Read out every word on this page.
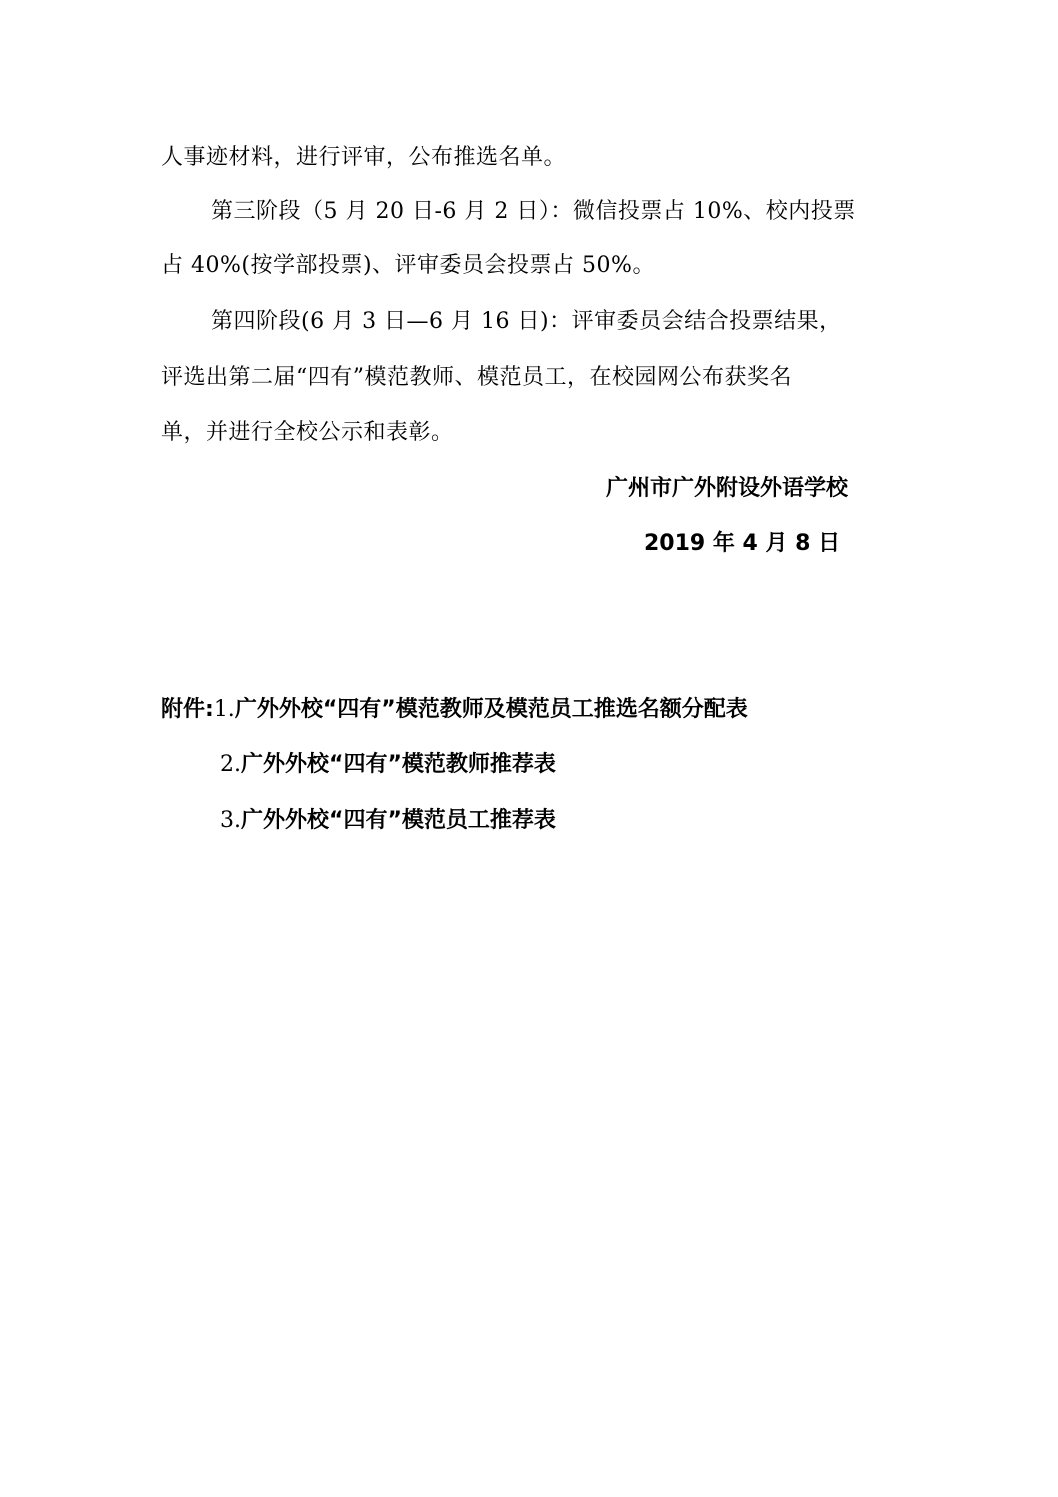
人事迹材料，进行评审，公布推选名单。
第三阶段（5 月 20 日-6 月 2 日）：微信投票占 10%、校内投票
占 40%(按学部投票)、评审委员会投票占 50%。
第四阶段(6 月 3 日—6 月 16 日)：评审委员会结合投票结果，
评选出第二届“四有”模范教师、模范员工，在校园网公布获奖名
单，并进行全校公示和表彰。
广州市广外附设外语学校
2019 年 4 月 8 日
附件:1.广外外校“四有”模范教师及模范员工推选名额分配表
2.广外外校“四有”模范教师推荐表
3.广外外校“四有”模范员工推荐表
